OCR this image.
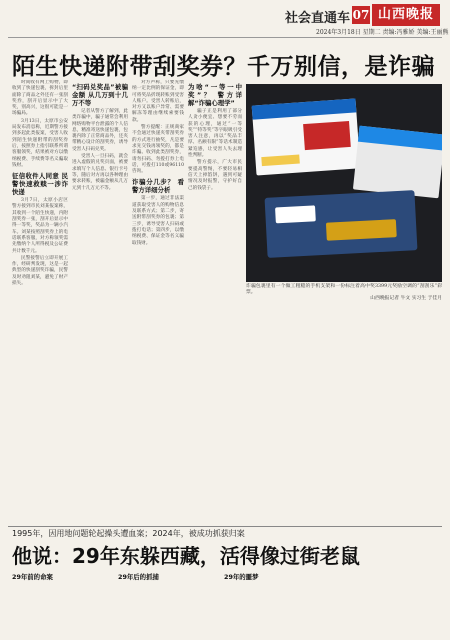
社会直通车 07 山西晚报
2024年3月18日 星期二 责编:冯雅娇 美编:王丽熊
陌生快递附带刮奖券？千万别信，是诈骗

时间收有网上购物，即收到了快递包裹，拆封后里面除了商品之外还有一张刮奖券，刮开后显示中了大奖，别高兴，这很可能是一场骗局。

3月13日，太原市公安局发布消息称，近期警方接到多起此类报案，受害人收到陌生快递附带的刮奖券后，按照券上指引联系所谓客服领奖，结果被对方以缴纳税费、手续费等名义骗取钱财。

征信收件人同意 民警快速救赎一涉诈快递

3月7日，太原小店区警方接到市民刘某报案称，其收到一个陌生快递，内附刮奖券一张，刮开后显示中得一等奖，奖品为一辆小汽车。刘某按照刮奖券上的电话联系客服，对方称领奖需先缴纳个人所得税及公证费共计数千元。

民警接警后立即开展工作，经研判发现，这是一起典型的快递刮奖诈骗，民警及时劝阻刘某，避免了财产损失。

“扫码兑奖品”被骗金额 从几万到十几万不等

记者从警方了解到，此类诈骗中，骗子通常会利用网络购物平台泄露的个人信息，精准寄送快递包裹，包裹内除了正常商品外，还夹带精心设计的刮奖券，诱导受害人扫码兑奖。

受害人一旦扫码，就会进入虚假的兑奖页面，被要求填写个人信息、银行卡号等，随后对方再以各种理由要求转账，被骗金额从几万元到十几万元不等。

对方声称，只要先缴纳一定比例的保证金，即可将奖品折现转账到受害人账户。受害人转账后，对方又以账户异常、需要解冻等理由继续索要钱款。

警方提醒：正规商家不会通过快递夹带刮奖券的方式进行抽奖，凡是要求先交钱再领奖的，都是诈骗。收到此类刮奖券，请勿扫码、勿拨打券上电话，可拨打110或96110咨询。

诈骗分几步？ 看警方详细分析

第一步，通过非法渠道获取受害人的购物信息及联系方式；第二步，寄送附带刮奖券的包裹；第三步，诱导受害人扫码或拨打电话；第四步，以缴纳税费、保证金等名义骗取钱财。

为啥“一等一中奖”？ 警方详解“诈骗心理学”

骗子正是利用了部分人贪小便宜、想要不劳而获的心理，通过“一等奖”“特等奖”等字眼吸引受害人注意，再以“奖品丰厚、名额有限”等话术制造紧迫感，让受害人失去理性判断。

警方提示，广大市民要提高警惕，不要轻易相信天上掉馅饼，遇到可疑情况及时报警，守护好自己的钱袋子。

诈骗包裹里有一个做工粗糙的手机支架和一份标注着高中奖3399元奖励空调的“刮刮乐”彩票。
山西晚报记者 牛文 实习生 于佳月
1995年，因用地问题轮起操头遭血案；2024年，被成功抓获归案
他说：29年东躲西藏，活得像过街老鼠

29年前的命案	29年后的抓捕	29年的噩梦
